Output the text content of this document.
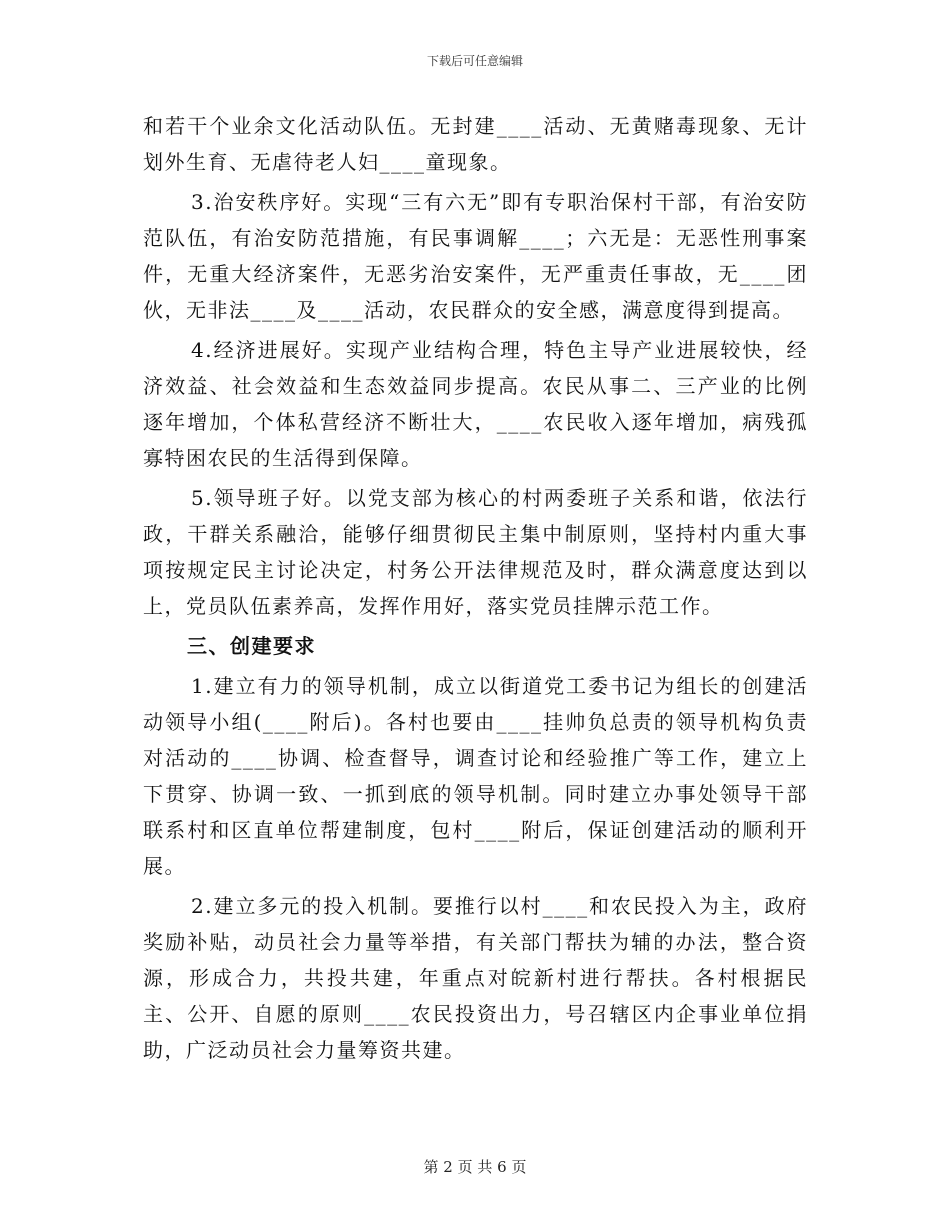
下载后可任意编辑

和若干个业余文化活动队伍。无封建____活动、无黄赌毒现象、无计划外生育、无虐待老人妇____童现象。

3.治安秩序好。实现“三有六无”即有专职治保村干部，有治安防范队伍，有治安防范措施，有民事调解____；六无是：无恶性刑事案件，无重大经济案件，无恶劣治安案件，无严重责任事故，无____团伙，无非法____及____活动，农民群众的安全感，满意度得到提高。

4.经济进展好。实现产业结构合理，特色主导产业进展较快，经济效益、社会效益和生态效益同步提高。农民从事二、三产业的比例逐年增加，个体私营经济不断壮大，____农民收入逐年增加，病残孤寡特困农民的生活得到保障。

5.领导班子好。以党支部为核心的村两委班子关系和谐，依法行政，干群关系融洽，能够仔细贯彻民主集中制原则，坚持村内重大事项按规定民主讨论决定，村务公开法律规范及时，群众满意度达到以上，党员队伍素养高，发挥作用好，落实党员挂牌示范工作。

三、创建要求

1.建立有力的领导机制，成立以街道党工委书记为组长的创建活动领导小组(____附后)。各村也要由____挂帅负总责的领导机构负责对活动的____协调、检查督导，调查讨论和经验推广等工作，建立上下贯穿、协调一致、一抓到底的领导机制。同时建立办事处领导干部联系村和区直单位帮建制度，包村____附后，保证创建活动的顺利开展。

2.建立多元的投入机制。要推行以村____和农民投入为主，政府奖励补贴，动员社会力量等举措，有关部门帮扶为辅的办法，整合资源，形成合力，共投共建，年重点对皖新村进行帮扶。各村根据民主、公开、自愿的原则____农民投资出力，号召辖区内企事业单位捐助，广泛动员社会力量筹资共建。

第 2 页 共 6 页
